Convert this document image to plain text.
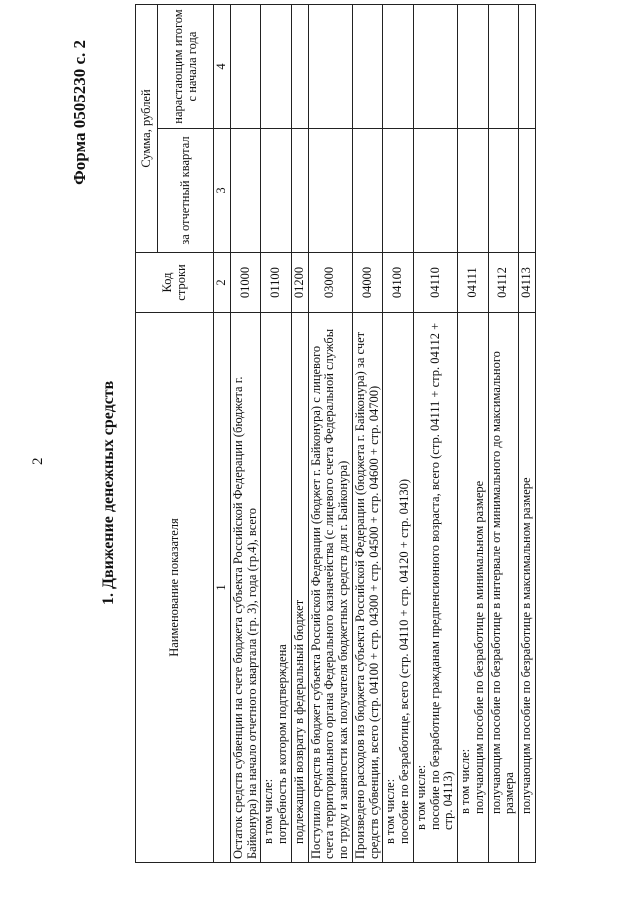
2
Форма 0505230 с. 2
1. Движение денежных средств	Наименование показателя	Код строки	Сумма, рублей	
		за отчетный квартал	нарастающим итогом с начала года
1	2	3	4
Остаток средств субвенции на счете бюджета субъекта Российской Федерации (бюджета г. Байконура) на начало отчетного квартала (гр. 3), года (гр.4), всего	01000		
в том числе:
потребность в котором подтверждена	01100		
подлежащий возврату в федеральный бюджет	01200		
Поступило средств в бюджет субъекта Российской Федерации (бюджет г. Байконура) с лицевого счета территориального органа Федерального казначейства (с лицевого счета Федеральной службы по труду и занятости как получателя бюджетных средств для г. Байконура)	03000		
Произведено расходов из бюджета субъекта Российской Федерации (бюджета г. Байконура) за счет средств субвенции, всего (стр. 04100 + стр. 04300 + стр. 04500 + стр. 04600 + стр. 04700)	04000		
в том числе:
пособие по безработице, всего (стр. 04110 + стр. 04120 + стр. 04130)	04100		
в том числе:
пособие по безработице гражданам предпенсионного возраста, всего (стр. 04111 + стр. 04112 + стр. 04113)	04110		
в том числе:
получающим пособие по безработице в минимальном размере	04111		
получающим пособие по безработице в интервале от минимального до максимального размера	04112		
получающим пособие по безработице в максимальном размере	04113		
